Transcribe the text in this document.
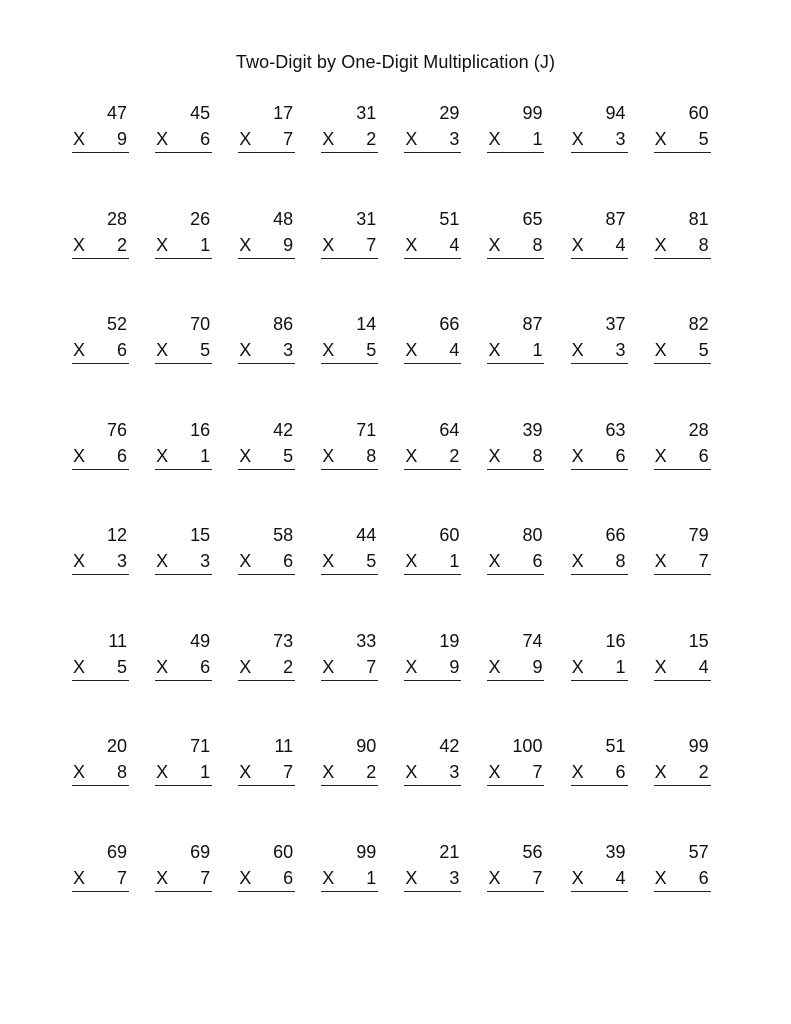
Two-Digit by One-Digit Multiplication (J)
47
X 9
45
X 6
17
X 7
31
X 2
29
X 3
99
X 1
94
X 3
60
X 5
28
X 2
26
X 1
48
X 9
31
X 7
51
X 4
65
X 8
87
X 4
81
X 8
52
X 6
70
X 5
86
X 3
14
X 5
66
X 4
87
X 1
37
X 3
82
X 5
76
X 6
16
X 1
42
X 5
71
X 8
64
X 2
39
X 8
63
X 6
28
X 6
12
X 3
15
X 3
58
X 6
44
X 5
60
X 1
80
X 6
66
X 8
79
X 7
11
X 5
49
X 6
73
X 2
33
X 7
19
X 9
74
X 9
16
X 1
15
X 4
20
X 8
71
X 1
11
X 7
90
X 2
42
X 3
100
X 7
51
X 6
99
X 2
69
X 7
69
X 7
60
X 6
99
X 1
21
X 3
56
X 7
39
X 4
57
X 6
